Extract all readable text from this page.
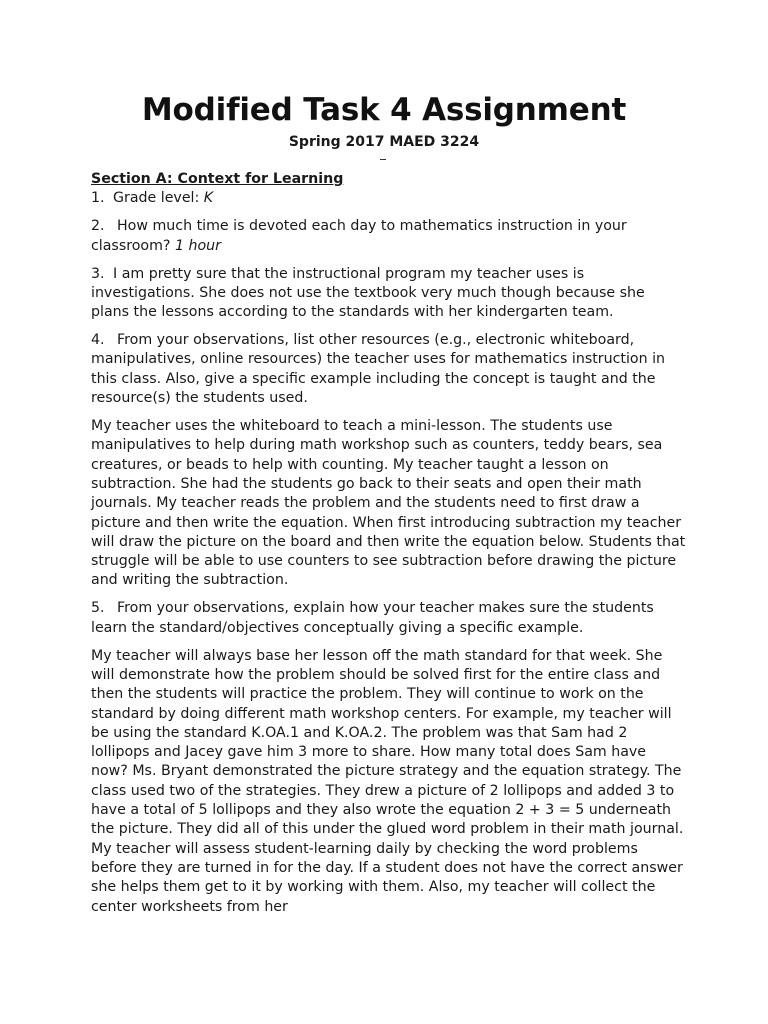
Modified Task 4 Assignment
Spring 2017 MAED 3224

Section A: Context for Learning

1. Grade level: K

2. How much time is devoted each day to mathematics instruction in your classroom? 1 hour

3. I am pretty sure that the instructional program my teacher uses is investigations. She does not use the textbook very much though because she plans the lessons according to the standards with her kindergarten team.

4. From your observations, list other resources (e.g., electronic whiteboard, manipulatives, online resources) the teacher uses for mathematics instruction in this class. Also, give a specific example including the concept is taught and the resource(s) the students used.

My teacher uses the whiteboard to teach a mini-lesson. The students use manipulatives to help during math workshop such as counters, teddy bears, sea creatures, or beads to help with counting. My teacher taught a lesson on subtraction. She had the students go back to their seats and open their math journals. My teacher reads the problem and the students need to first draw a picture and then write the equation. When first introducing subtraction my teacher will draw the picture on the board and then write the equation below. Students that struggle will be able to use counters to see subtraction before drawing the picture and writing the subtraction.

5. From your observations, explain how your teacher makes sure the students learn the standard/objectives conceptually giving a specific example.

My teacher will always base her lesson off the math standard for that week. She will demonstrate how the problem should be solved first for the entire class and then the students will practice the problem. They will continue to work on the standard by doing different math workshop centers. For example, my teacher will be using the standard K.OA.1 and K.OA.2. The problem was that Sam had 2 lollipops and Jacey gave him 3 more to share. How many total does Sam have now? Ms. Bryant demonstrated the picture strategy and the equation strategy. The class used two of the strategies. They drew a picture of 2 lollipops and added 3 to have a total of 5 lollipops and they also wrote the equation 2 + 3 = 5 underneath the picture. They did all of this under the glued word problem in their math journal. My teacher will assess student-learning daily by checking the word problems before they are turned in for the day. If a student does not have the correct answer she helps them get to it by working with them. Also, my teacher will collect the center worksheets from her
